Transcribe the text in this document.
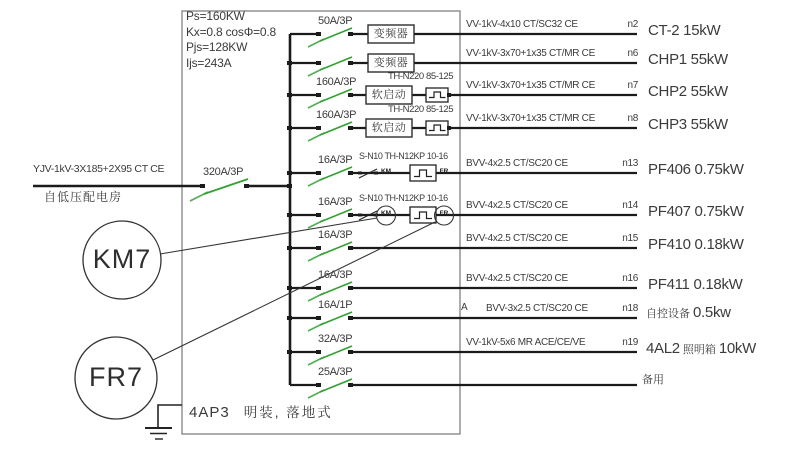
Ps=160KW
Kx=0.8 cosΦ=0.8
Pjs=128KW
Ijs=243A
YJV-1kV-3X185+2X95 CT CE
自低压配电房
320A/3P
KM7
FR7
50A/3P
160A/3P
160A/3P
16A/3P
16A/3P
16A/3P
16A/3P
16A/1P
32A/3P
25A/3P
变频器
变频器
软启动
软启动
TH-N220 85-125
TH-N220 85-125
S-N10 TH-N12KP 10-16
S-N10 TH-N12KP 10-16
KM	FR
KM	FR
A
VV-1kV-4x10 CT/SC32 CE	n2
VV-1kV-3x70+1x35 CT/MR CE	n6
VV-1kV-3x70+1x35 CT/MR CE	n7
VV-1kV-3x70+1x35 CT/MR CE	n8
BVV-4x2.5 CT/SC20 CE	n13
BVV-4x2.5 CT/SC20 CE	n14
BVV-4x2.5 CT/SC20 CE	n15
BVV-4x2.5 CT/SC20 CE	n16
BVV-3x2.5 CT/SC20 CE	n18
VV-1kV-5x6 MR ACE/CE/VE	n19
CT-2 15kW
CHP1 55kW
CHP2 55kW
CHP3 55kW
PF406 0.75kW
PF407 0.75kW
PF410 0.18kW
PF411 0.18kW
自控设备 0.5kw
4AL2 照明箱 10kW
备用
4AP3 明装, 落地式
